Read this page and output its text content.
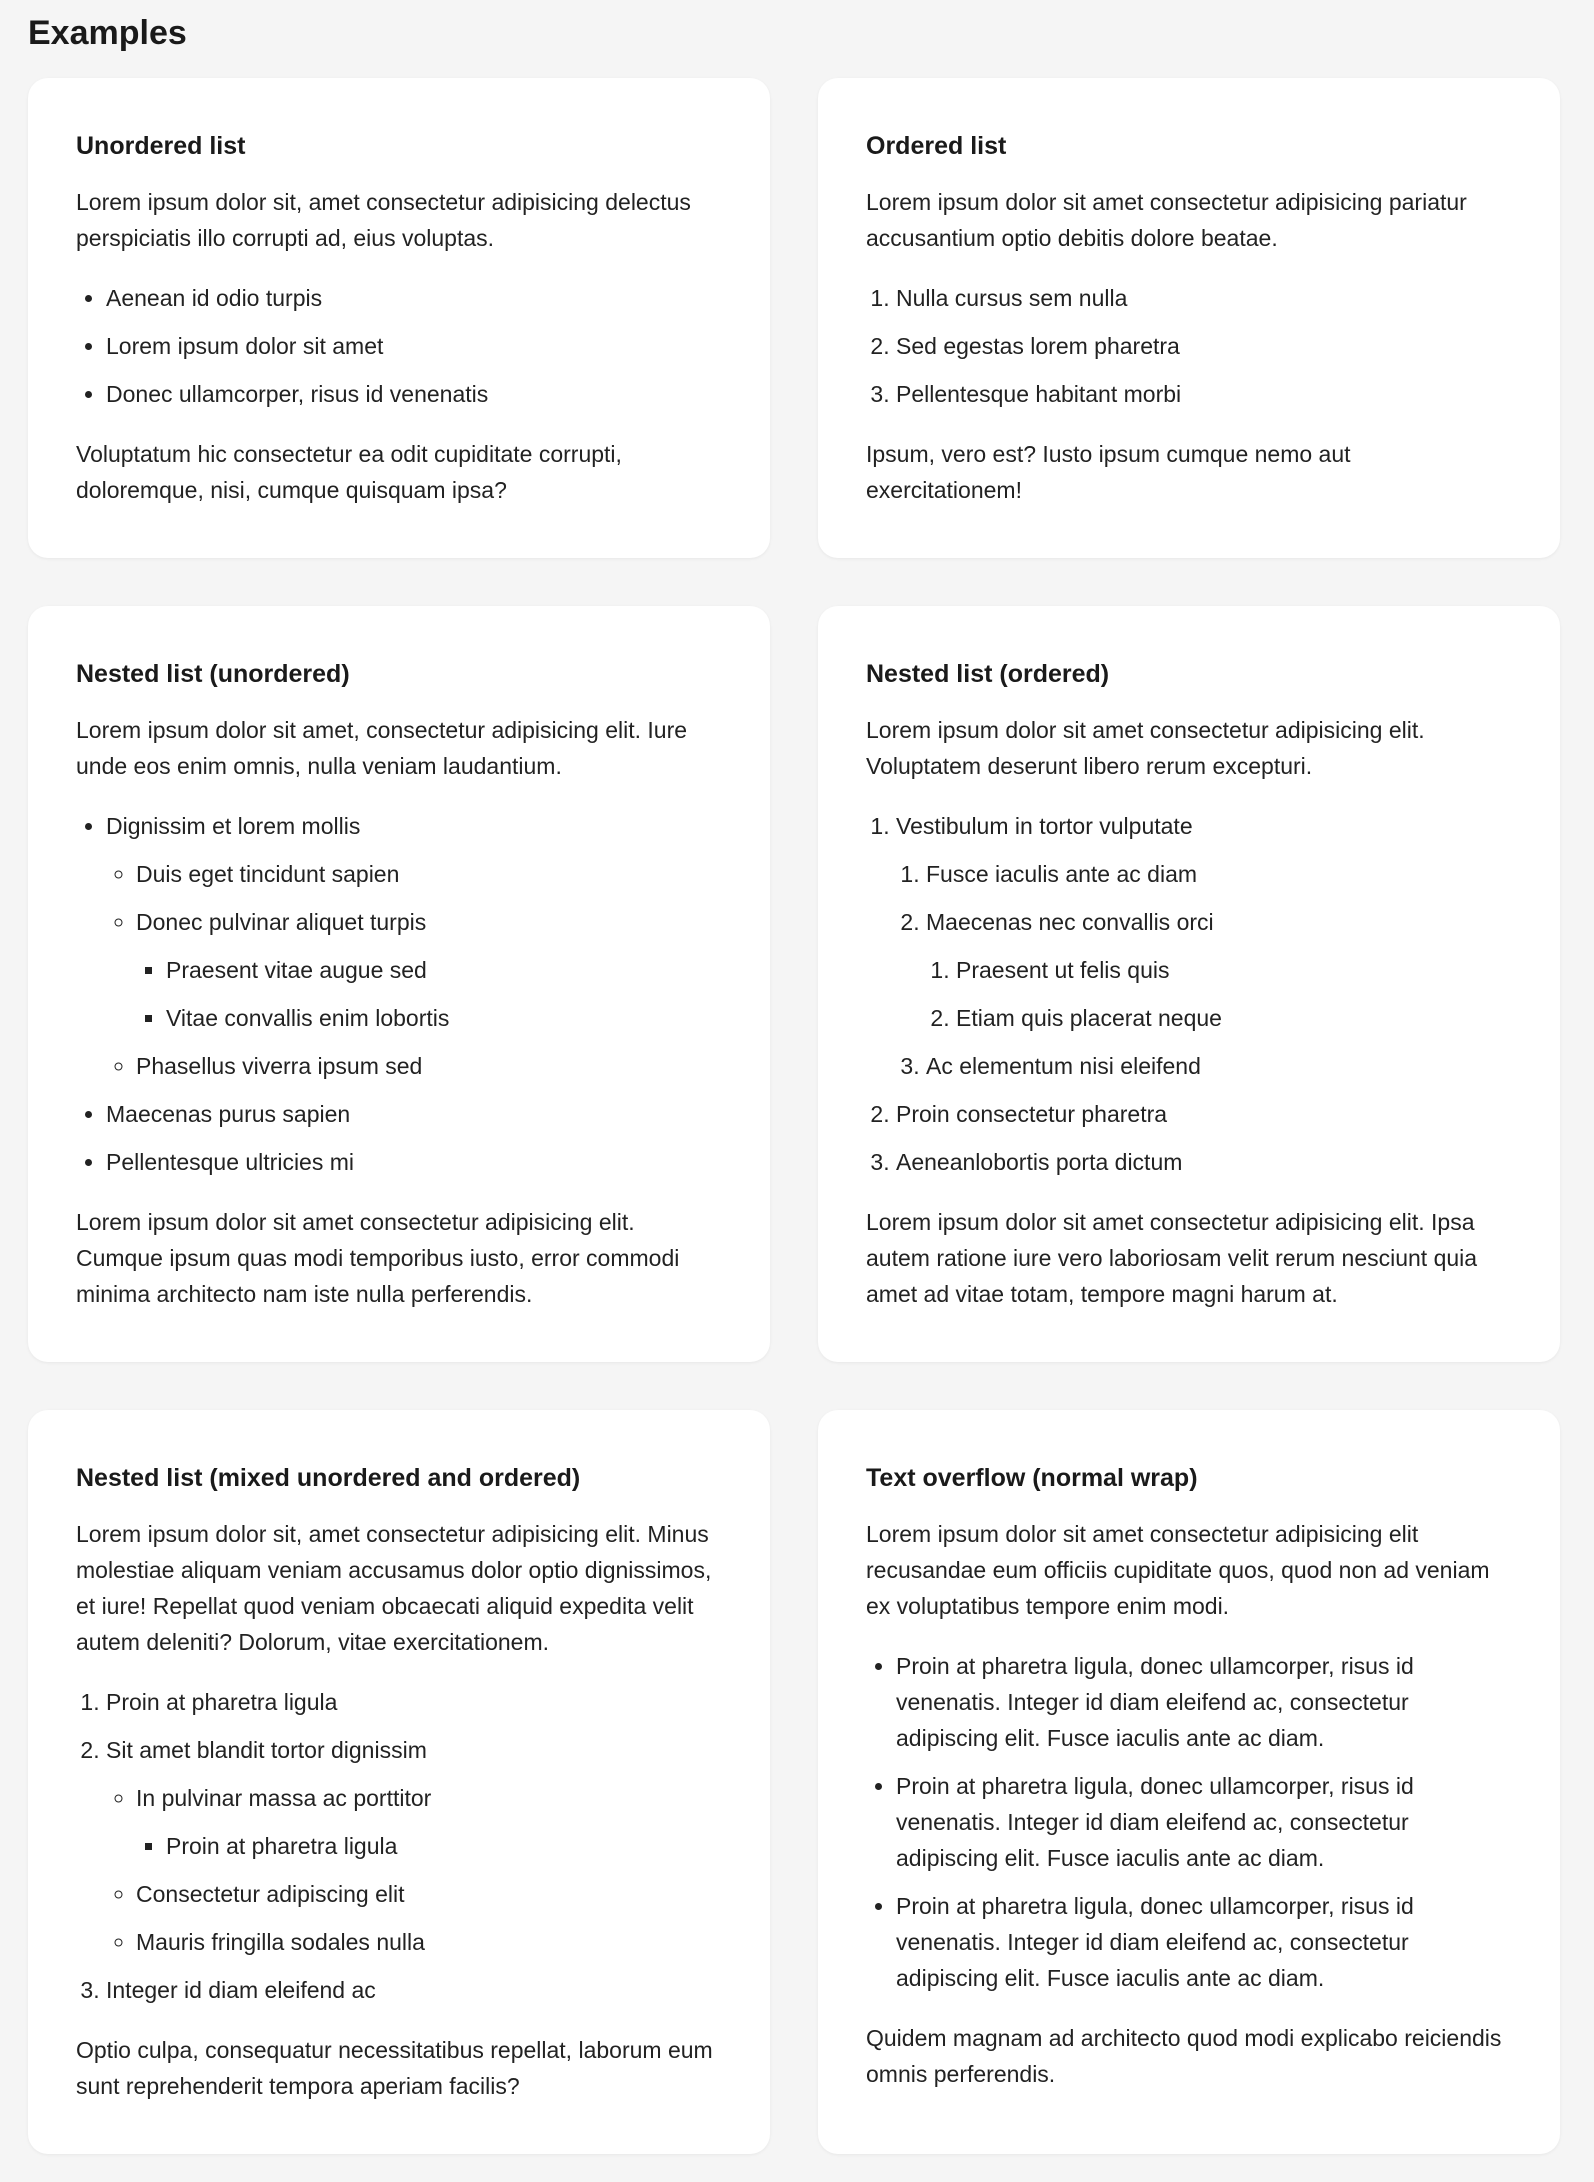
Examples
Unordered list

Lorem ipsum dolor sit, amet consectetur adipisicing delectus perspiciatis illo corrupti ad, eius voluptas.

• Aenean id odio turpis
• Lorem ipsum dolor sit amet
• Donec ullamcorper, risus id venenatis

Voluptatum hic consectetur ea odit cupiditate corrupti, doloremque, nisi, cumque quisquam ipsa?

Ordered list

Lorem ipsum dolor sit amet consectetur adipisicing pariatur accusantium optio debitis dolore beatae.

1. Nulla cursus sem nulla
2. Sed egestas lorem pharetra
3. Pellentesque habitant morbi

Ipsum, vero est? Iusto ipsum cumque nemo aut exercitationem!

Nested list (unordered)

Lorem ipsum dolor sit amet, consectetur adipisicing elit. Iure unde eos enim omnis, nulla veniam laudantium.

• Dignissim et lorem mollis
◦ Duis eget tincidunt sapien
◦ Donec pulvinar aliquet turpis
▪ Praesent vitae augue sed
▪ Vitae convallis enim lobortis
◦ Phasellus viverra ipsum sed
• Maecenas purus sapien
• Pellentesque ultricies mi

Lorem ipsum dolor sit amet consectetur adipisicing elit. Cumque ipsum quas modi temporibus iusto, error commodi minima architecto nam iste nulla perferendis.

Nested list (ordered)

Lorem ipsum dolor sit amet consectetur adipisicing elit. Voluptatem deserunt libero rerum excepturi.

1. Vestibulum in tortor vulputate
1. Fusce iaculis ante ac diam
2. Maecenas nec convallis orci
1. Praesent ut felis quis
2. Etiam quis placerat neque
3. Ac elementum nisi eleifend
2. Proin consectetur pharetra
3. Aeneanlobortis porta dictum

Lorem ipsum dolor sit amet consectetur adipisicing elit. Ipsa autem ratione iure vero laboriosam velit rerum nesciunt quia amet ad vitae totam, tempore magni harum at.

Nested list (mixed unordered and ordered)

Lorem ipsum dolor sit, amet consectetur adipisicing elit. Minus molestiae aliquam veniam accusamus dolor optio dignissimos, et iure! Repellat quod veniam obcaecati aliquid expedita velit autem deleniti? Dolorum, vitae exercitationem.

1. Proin at pharetra ligula
2. Sit amet blandit tortor dignissim
◦ In pulvinar massa ac porttitor
▪ Proin at pharetra ligula
◦ Consectetur adipiscing elit
◦ Mauris fringilla sodales nulla
3. Integer id diam eleifend ac

Optio culpa, consequatur necessitatibus repellat, laborum eum sunt reprehenderit tempora aperiam facilis?

Text overflow (normal wrap)

Lorem ipsum dolor sit amet consectetur adipisicing elit recusandae eum officiis cupiditate quos, quod non ad veniam ex voluptatibus tempore enim modi.

• Proin at pharetra ligula, donec ullamcorper, risus id venenatis. Integer id diam eleifend ac, consectetur adipiscing elit. Fusce iaculis ante ac diam.
• Proin at pharetra ligula, donec ullamcorper, risus id venenatis. Integer id diam eleifend ac, consectetur adipiscing elit. Fusce iaculis ante ac diam.
• Proin at pharetra ligula, donec ullamcorper, risus id venenatis. Integer id diam eleifend ac, consectetur adipiscing elit. Fusce iaculis ante ac diam.

Quidem magnam ad architecto quod modi explicabo reiciendis omnis perferendis.
